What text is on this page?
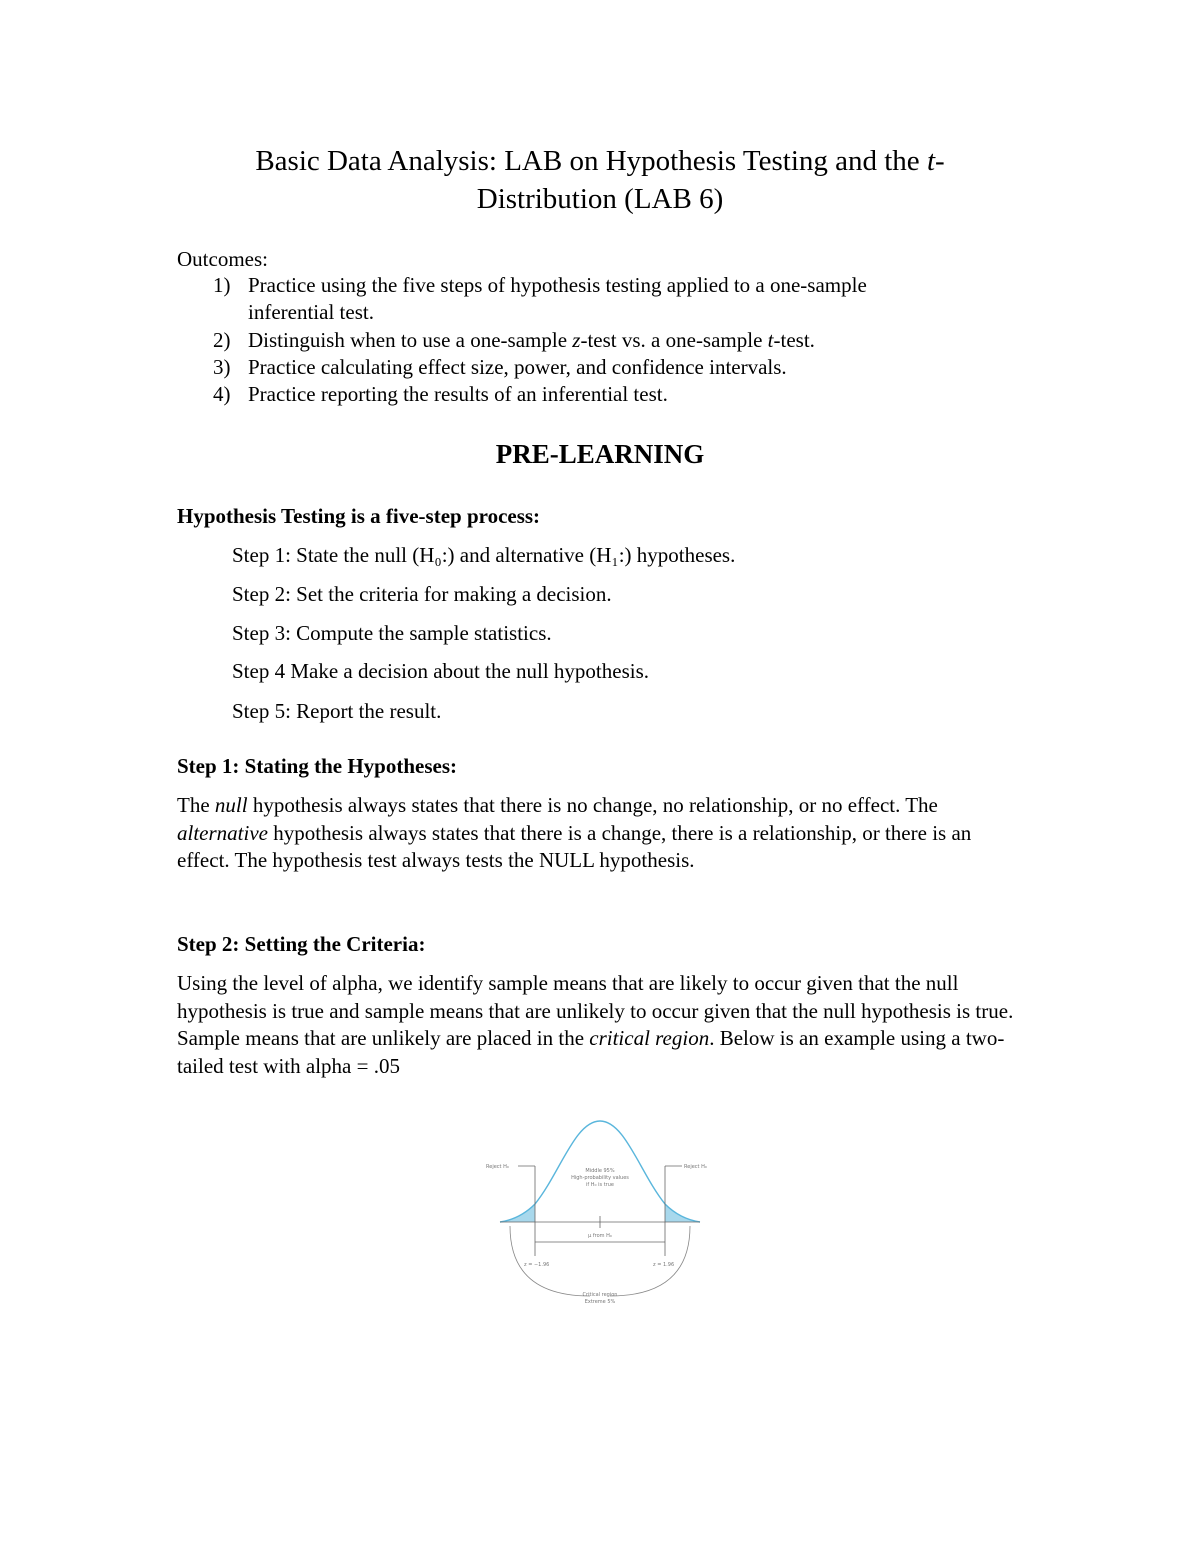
Basic Data Analysis: LAB on Hypothesis Testing and the t-
Distribution (LAB 6)
Outcomes:
1) Practice using the five steps of hypothesis testing applied to a one-sample
inferential test.
2) Distinguish when to use a one-sample z-test vs. a one-sample t-test.
3) Practice calculating effect size, power, and confidence intervals.
4) Practice reporting the results of an inferential test.
PRE-LEARNING
Hypothesis Testing is a five-step process:
Step 1: State the null (H₀:) and alternative (H₁:) hypotheses.
Step 2: Set the criteria for making a decision.
Step 3: Compute the sample statistics.
Step 4 Make a decision about the null hypothesis.
Step 5: Report the result.
Step 1: Stating the Hypotheses:
The null hypothesis always states that there is no change, no relationship, or no effect. The alternative hypothesis always states that there is a change, there is a relationship, or there is an effect. The hypothesis test always tests the NULL hypothesis.
Step 2: Setting the Criteria:
Using the level of alpha, we identify sample means that are likely to occur given that the null hypothesis is true and sample means that are unlikely to occur given that the null hypothesis is true. Sample means that are unlikely are placed in the critical region. Below is an example using a two-tailed test with alpha = .05
Reject H₀	Reject H₀
Middle 95%
High-probability values
if H₀ is true
μ from H₀
z = −1.96	z = 1.96
Critical region
Extreme 5%
